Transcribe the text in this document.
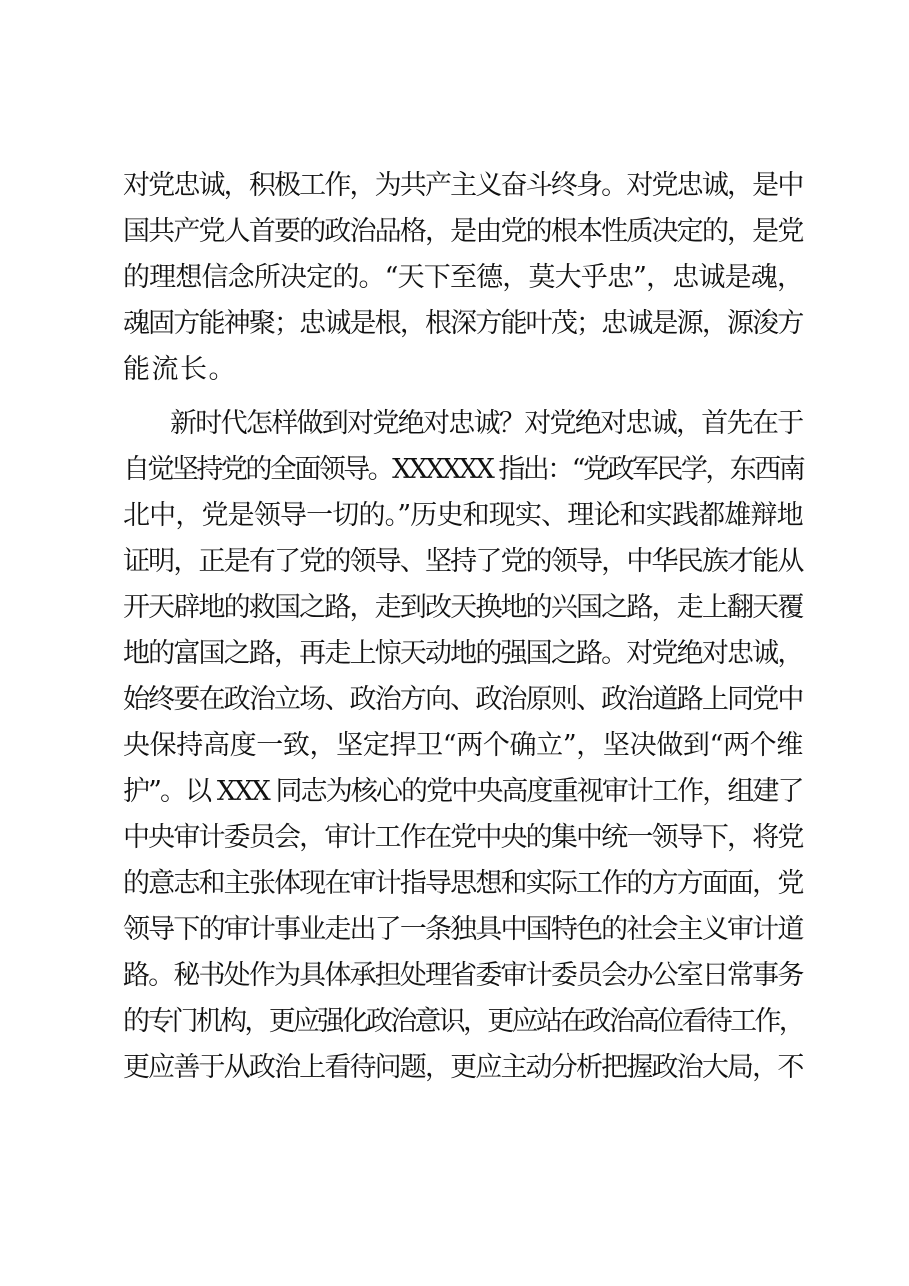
对党忠诚，积极工作，为共产主义奋斗终身。对党忠诚，是中
国共产党人首要的政治品格，是由党的根本性质决定的，是党
的理想信念所决定的。“天下至德，莫大乎忠”，忠诚是魂，
魂固方能神聚；忠诚是根，根深方能叶茂；忠诚是源，源浚方
能流长。
新时代怎样做到对党绝对忠诚？对党绝对忠诚，首先在于
自觉坚持党的全面领导。XXXXXX 指出：“党政军民学，东西南
北中，党是领导一切的。”历史和现实、理论和实践都雄辩地
证明，正是有了党的领导、坚持了党的领导，中华民族才能从
开天辟地的救国之路，走到改天换地的兴国之路，走上翻天覆
地的富国之路，再走上惊天动地的强国之路。对党绝对忠诚，
始终要在政治立场、政治方向、政治原则、政治道路上同党中
央保持高度一致，坚定捍卫“两个确立”，坚决做到“两个维
护”。以 XXX 同志为核心的党中央高度重视审计工作，组建了
中央审计委员会，审计工作在党中央的集中统一领导下，将党
的意志和主张体现在审计指导思想和实际工作的方方面面，党
领导下的审计事业走出了一条独具中国特色的社会主义审计道
路。秘书处作为具体承担处理省委审计委员会办公室日常事务
的专门机构，更应强化政治意识，更应站在政治高位看待工作，
更应善于从政治上看待问题，更应主动分析把握政治大局，不
